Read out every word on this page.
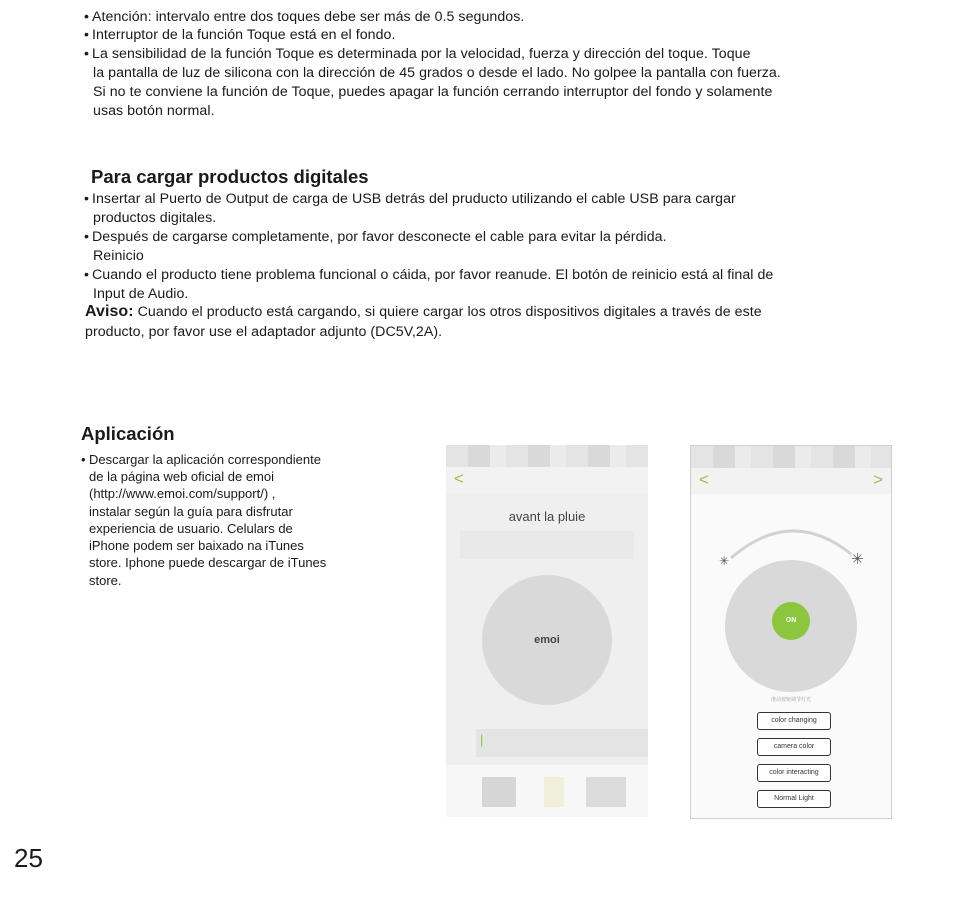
• Atención: intervalo entre dos toques debe ser más de 0.5 segundos.
• Interruptor de la función Toque está en el fondo.
• La sensibilidad de la función Toque es determinada por la velocidad, fuerza y dirección del toque. Toque
la pantalla de luz de silicona con la dirección de 45 grados o desde el lado. No golpee la pantalla con fuerza.
Si no te conviene la función de Toque, puedes apagar la función cerrando interruptor del fondo y solamente
usas botón normal.
Para cargar productos digitales
• Insertar al Puerto de Output de carga de USB detrás del pruducto utilizando el cable USB para cargar
productos digitales.
• Después de cargarse completamente, por favor desconecte el cable para evitar la pérdida.
Reinicio
• Cuando el producto tiene problema funcional o cáida, por favor reanude. El botón de reinicio está al final de
Input de Audio.
Aviso: Cuando el producto está cargando, si quiere cargar los otros dispositivos digitales a través de este
producto, por favor use el adaptador adjunto (DC5V,2A).
Aplicación
• Descargar la aplicación correspondiente
de la página web oficial de emoi
(http://www.emoi.com/support/) ,
instalar según la guía para disfrutar
experiencia de usuario. Celulars de
iPhone podem ser baixado na iTunes
store. Iphone puede descargar de iTunes
store.
<
avant la pluie
emoi
|
<	>
✳	✳
ON
滑动按钮调节灯光
color changing
camera color
color interacting
Normal Light
25
